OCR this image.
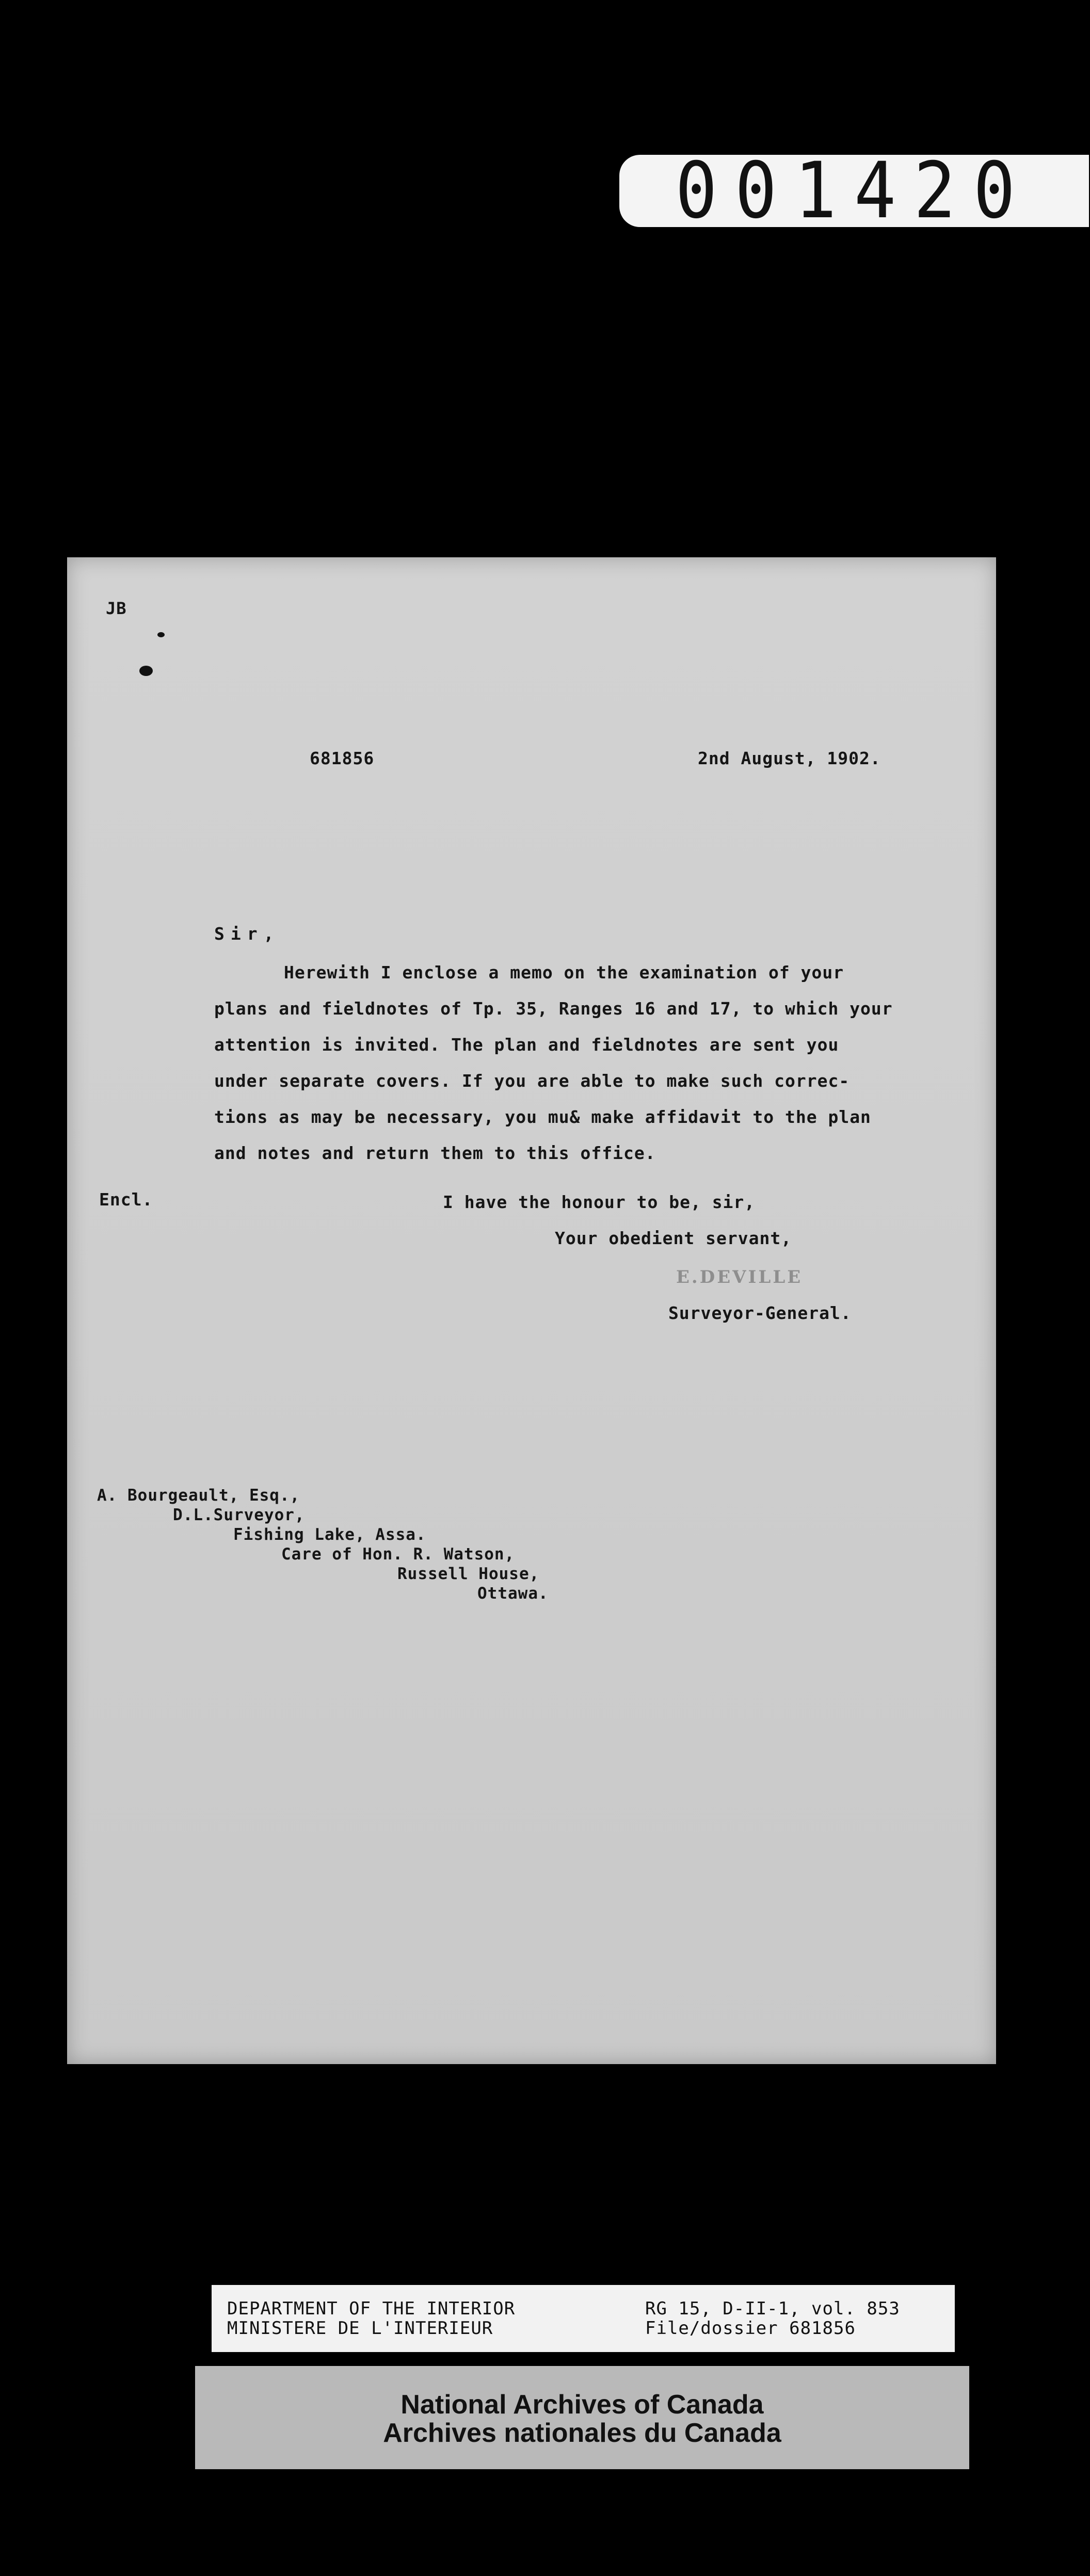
001420
JB
681856	2nd August, 1902.
Sir,
Herewith I enclose a memo on the examination of your
plans and fieldnotes of Tp. 35, Ranges 16 and 17, to which your
attention is invited. The plan and fieldnotes are sent you
under separate covers. If you are able to make such correc-
tions as may be necessary, you mu& make affidavit to the plan
and notes and return them to this office.
Encl.	I have the honour to be, sir,
Your obedient servant,
E.DEVILLE
Surveyor-General.
A. Bourgeault, Esq.,
D.L.Surveyor,
Fishing Lake, Assa.
Care of Hon. R. Watson,
Russell House,
Ottawa.
DEPARTMENT OF THE INTERIOR
MINISTERE DE L'INTERIEUR
RG 15, D-II-1, vol. 853
File/dossier 681856
National Archives of Canada
Archives nationales du Canada
